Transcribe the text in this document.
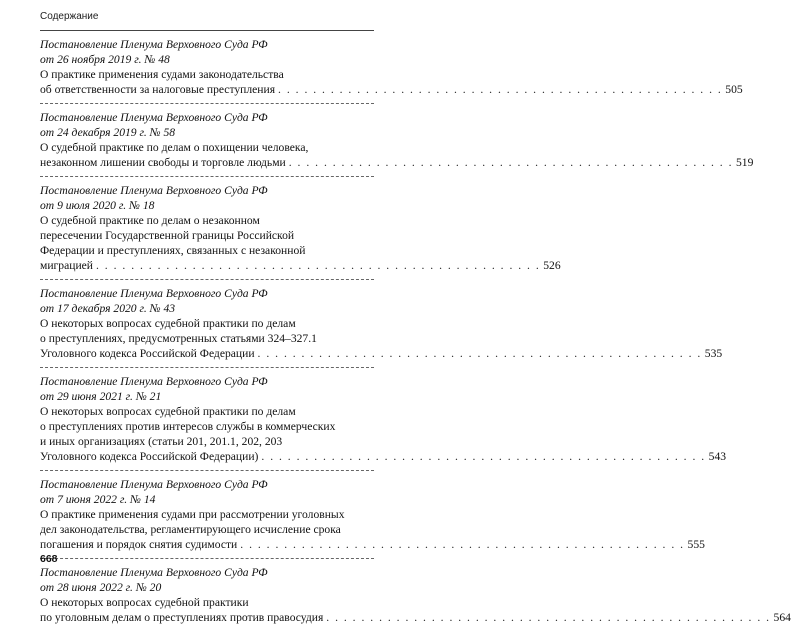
Содержание
Постановление Пленума Верховного Суда РФ
от 26 ноября 2019 г. № 48
О практике применения судами законодательства
об ответственности за налоговые преступления . . . . . . . . . . . . . . . . . . . . . . . . . . . . . . . . . . . . . . . . . . . . . . . . . . . 505
Постановление Пленума Верховного Суда РФ
от 24 декабря 2019 г. № 58
О судебной практике по делам о похищении человека,
незаконном лишении свободы и торговле людьми . . . . . . . . . . . . . . . . . . . . . . . . . . . . . . . . . . . . . . . . . . . . . . . . . . . 519
Постановление Пленума Верховного Суда РФ
от 9 июля 2020 г. № 18
О судебной практике по делам о незаконном
пересечении Государственной границы Российской
Федерации и преступлениях, связанных с незаконной
миграцией . . . . . . . . . . . . . . . . . . . . . . . . . . . . . . . . . . . . . . . . . . . . . . . . . . . 526
Постановление Пленума Верховного Суда РФ
от 17 декабря 2020 г. № 43
О некоторых вопросах судебной практики по делам
о преступлениях, предусмотренных статьями 324–327.1
Уголовного кодекса Российской Федерации . . . . . . . . . . . . . . . . . . . . . . . . . . . . . . . . . . . . . . . . . . . . . . . . . . . 535
Постановление Пленума Верховного Суда РФ
от 29 июня 2021 г. № 21
О некоторых вопросах судебной практики по делам
о преступлениях против интересов службы в коммерческих
и иных организациях (статьи 201, 201.1, 202, 203
Уголовного кодекса Российской Федерации) . . . . . . . . . . . . . . . . . . . . . . . . . . . . . . . . . . . . . . . . . . . . . . . . . . . 543
Постановление Пленума Верховного Суда РФ
от 7 июня 2022 г. № 14
О практике применения судами при рассмотрении уголовных
дел законодательства, регламентирующего исчисление срока
погашения и порядок снятия судимости . . . . . . . . . . . . . . . . . . . . . . . . . . . . . . . . . . . . . . . . . . . . . . . . . . . 555
Постановление Пленума Верховного Суда РФ
от 28 июня 2022 г. № 20
О некоторых вопросах судебной практики
по уголовным делам о преступлениях против правосудия . . . . . . . . . . . . . . . . . . . . . . . . . . . . . . . . . . . . . . . . . . . . . . . . . . . 564
668
